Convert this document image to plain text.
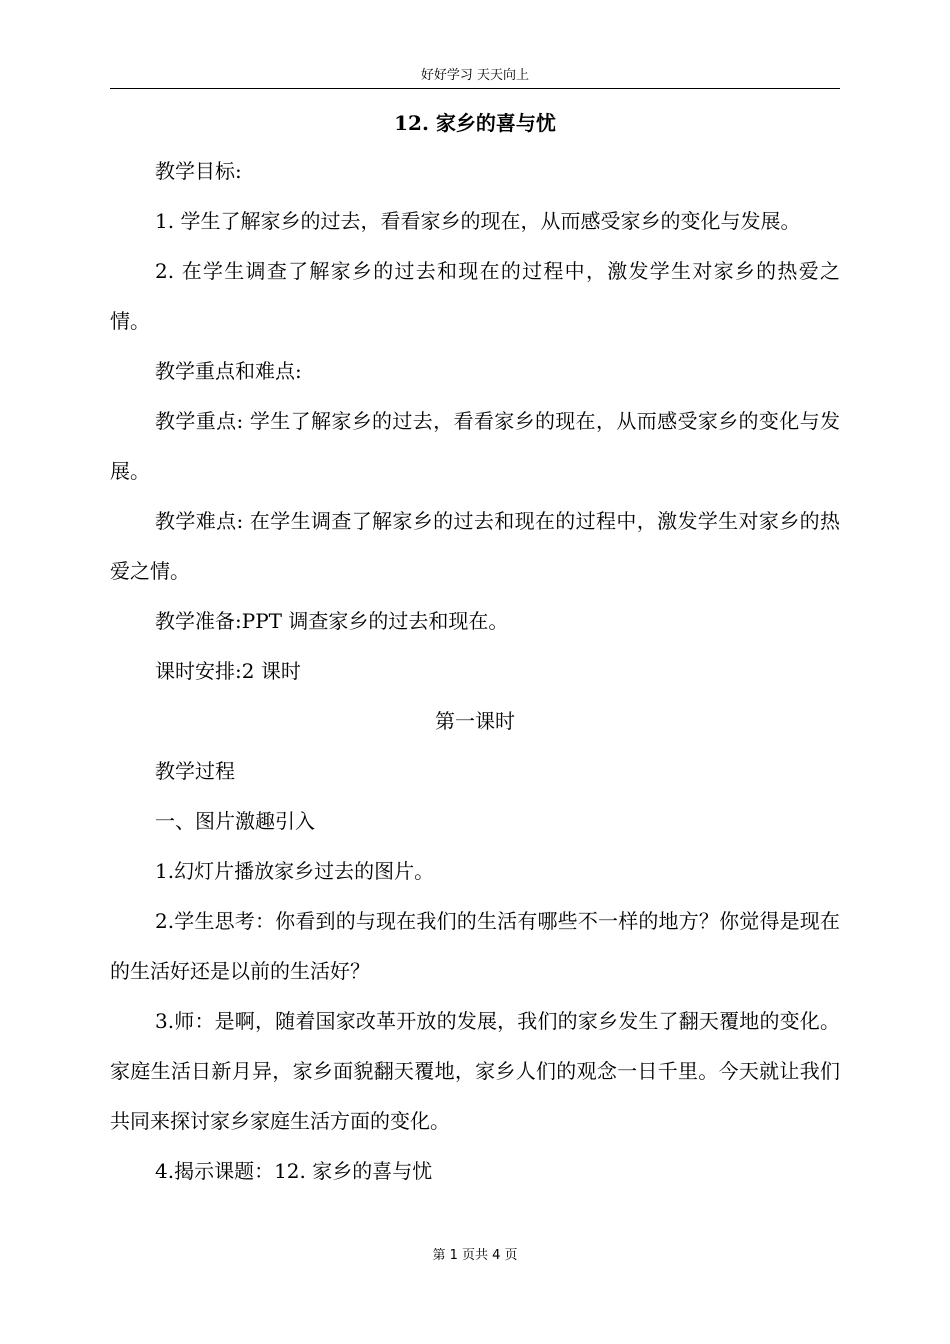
好好学习 天天向上
12. 家乡的喜与忧

教学目标:

1. 学生了解家乡的过去，看看家乡的现在，从而感受家乡的变化与发展。

2. 在学生调查了解家乡的过去和现在的过程中，激发学生对家乡的热爱之情。

教学重点和难点:

教学重点: 学生了解家乡的过去，看看家乡的现在，从而感受家乡的变化与发展。

教学难点: 在学生调查了解家乡的过去和现在的过程中，激发学生对家乡的热爱之情。

教学准备:PPT 调查家乡的过去和现在。

课时安排:2 课时

第一课时

教学过程

一、图片激趣引入

1.幻灯片播放家乡过去的图片。

2.学生思考：你看到的与现在我们的生活有哪些不一样的地方？你觉得是现在的生活好还是以前的生活好？

3.师：是啊，随着国家改革开放的发展，我们的家乡发生了翻天覆地的变化。家庭生活日新月异，家乡面貌翻天覆地，家乡人们的观念一日千里。今天就让我们共同来探讨家乡家庭生活方面的变化。

4.揭示课题：12. 家乡的喜与忧

第 1 页共 4 页
